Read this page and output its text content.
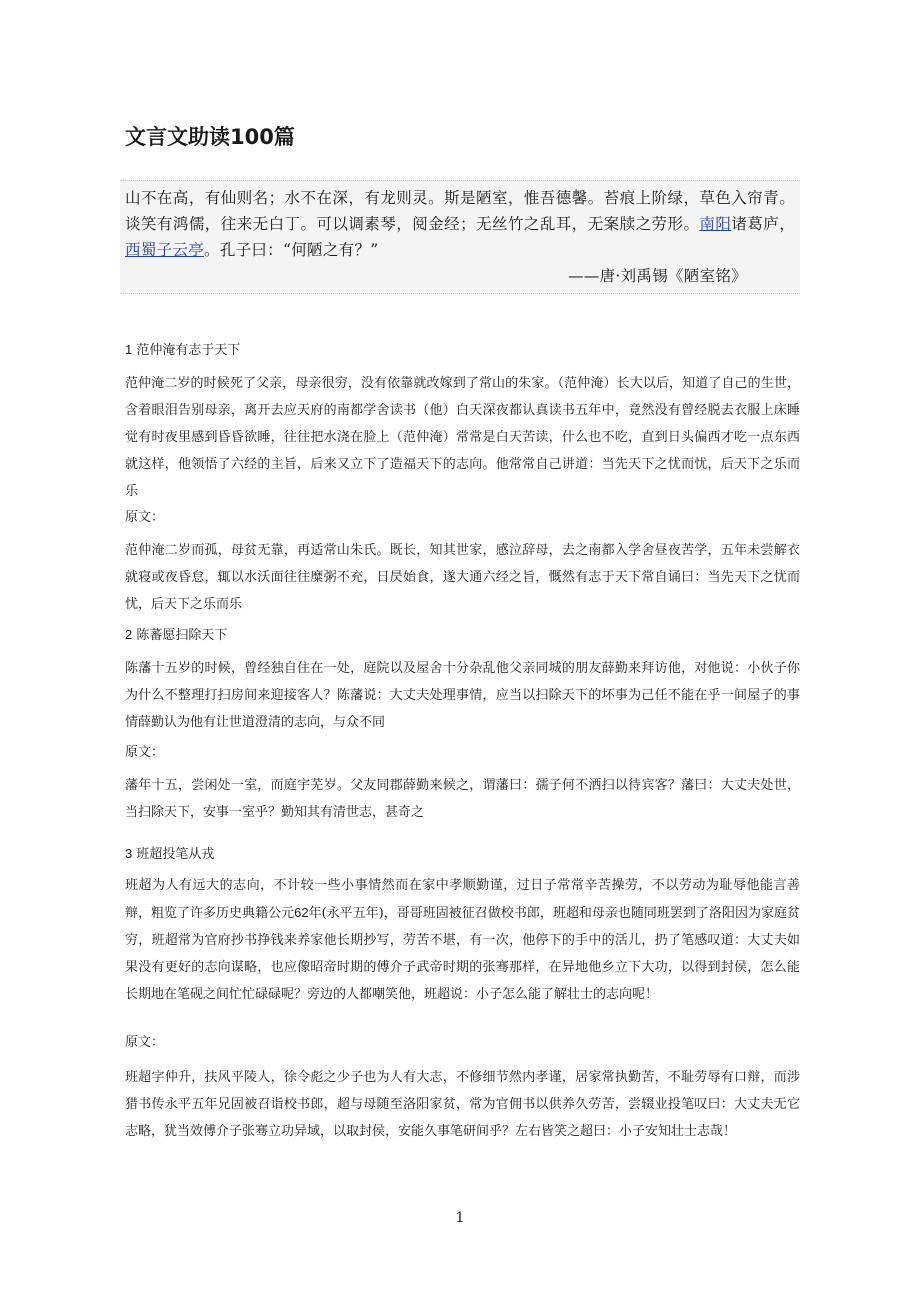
文言文助读100篇
山不在高，有仙则名；水不在深，有龙则灵。斯是陋室，惟吾德馨。苔痕上阶绿，草色入帘青。谈笑有鸿儒，往来无白丁。可以调素琴，阅金经；无丝竹之乱耳，无案牍之劳形。南阳诸葛庐，西蜀子云亭。孔子曰：“何陋之有？”
——唐·刘禹锡《陋室铭》
1 范仲淹有志于天下
范仲淹二岁的时候死了父亲，母亲很穷，没有依靠就改嫁到了常山的朱家。（范仲淹）长大以后，知道了自己的生世，含着眼泪告别母亲，离开去应天府的南都学舍读书（他）白天深夜都认真读书五年中，竟然没有曾经脱去衣服上床睡觉有时夜里感到昏昏欲睡，往往把水浇在脸上（范仲淹）常常是白天苦读，什么也不吃，直到日头偏西才吃一点东西就这样，他领悟了六经的主旨，后来又立下了造福天下的志向。他常常自己讲道：当先天下之忧而忧，后天下之乐而乐
原文：
范仲淹二岁而孤，母贫无靠，再适常山朱氏。既长，知其世家，感泣辞母，去之南都入学舍昼夜苦学，五年未尝解衣就寝或夜昏怠，辄以水沃面往往糜粥不充，日昃始食，遂大通六经之旨，慨然有志于天下常自诵曰：当先天下之忧而忧，后天下之乐而乐
2 陈蕃愿扫除天下
陈藩十五岁的时候，曾经独自住在一处，庭院以及屋舍十分杂乱他父亲同城的朋友薛勤来拜访他，对他说：小伙子你为什么不整理打扫房间来迎接客人？陈藩说：大丈夫处理事情，应当以扫除天下的坏事为己任不能在乎一间屋子的事情薛勤认为他有让世道澄清的志向，与众不同
原文：
藩年十五，尝闲处一室，而庭宇芜岁。父友同郡薛勤来候之，谓藩曰：孺子何不洒扫以待宾客？藩曰：大丈夫处世，当扫除天下，安事一室乎？勤知其有清世志，甚奇之
3 班超投笔从戎
班超为人有远大的志向，不计较一些小事情然而在家中孝顺勤谨，过日子常常辛苦操劳，不以劳动为耻辱他能言善辩，粗览了许多历史典籍公元62年(永平五年)，哥哥班固被征召做校书郎，班超和母亲也随同班罢到了洛阳因为家庭贫穷，班超常为官府抄书挣钱来养家他长期抄写，劳苦不堪，有一次，他停下的手中的活儿，扔了笔感叹道：大丈夫如果没有更好的志向谋略，也应像昭帝时期的傅介子武帝时期的张骞那样，在异地他乡立下大功，以得到封侯，怎么能长期地在笔砚之间忙忙碌碌呢？旁边的人都嘲笑他，班超说：小子怎么能了解壮士的志向呢！
原文：
班超字仲升，扶风平陵人，徐令彪之少子也为人有大志，不修细节然内孝谨，居家常执勤苦，不耻劳辱有口辩，而涉猎书传永平五年兄固被召诣校书郎，超与母随至洛阳家贫，常为官佣书以供养久劳苦，尝辍业投笔叹曰：大丈夫无它志略，犹当效傅介子张骞立功异域，以取封侯，安能久事笔研间乎？左右皆笑之超曰：小子安知壮士志哉！
1
